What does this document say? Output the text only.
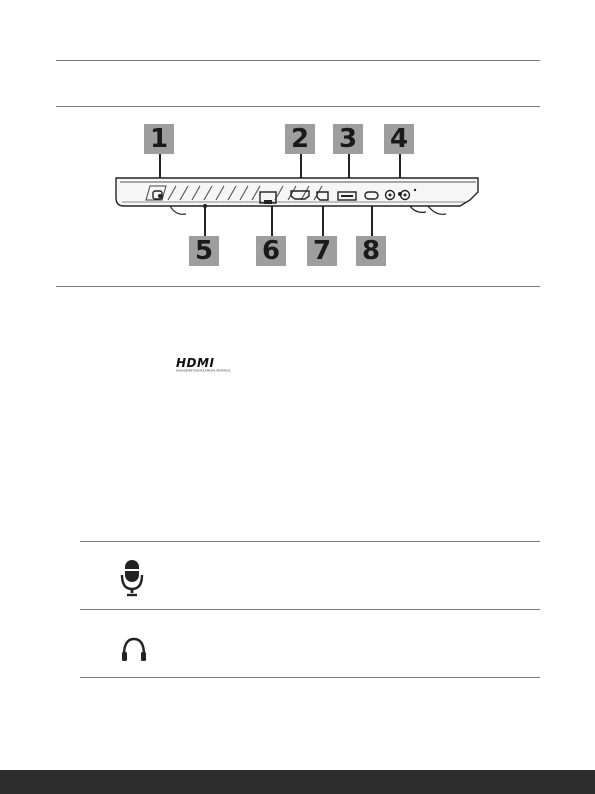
1	2 3 4
5 6 7 8
HDMI
HIGH-DEFINITION MULTIMEDIA INTERFACE
